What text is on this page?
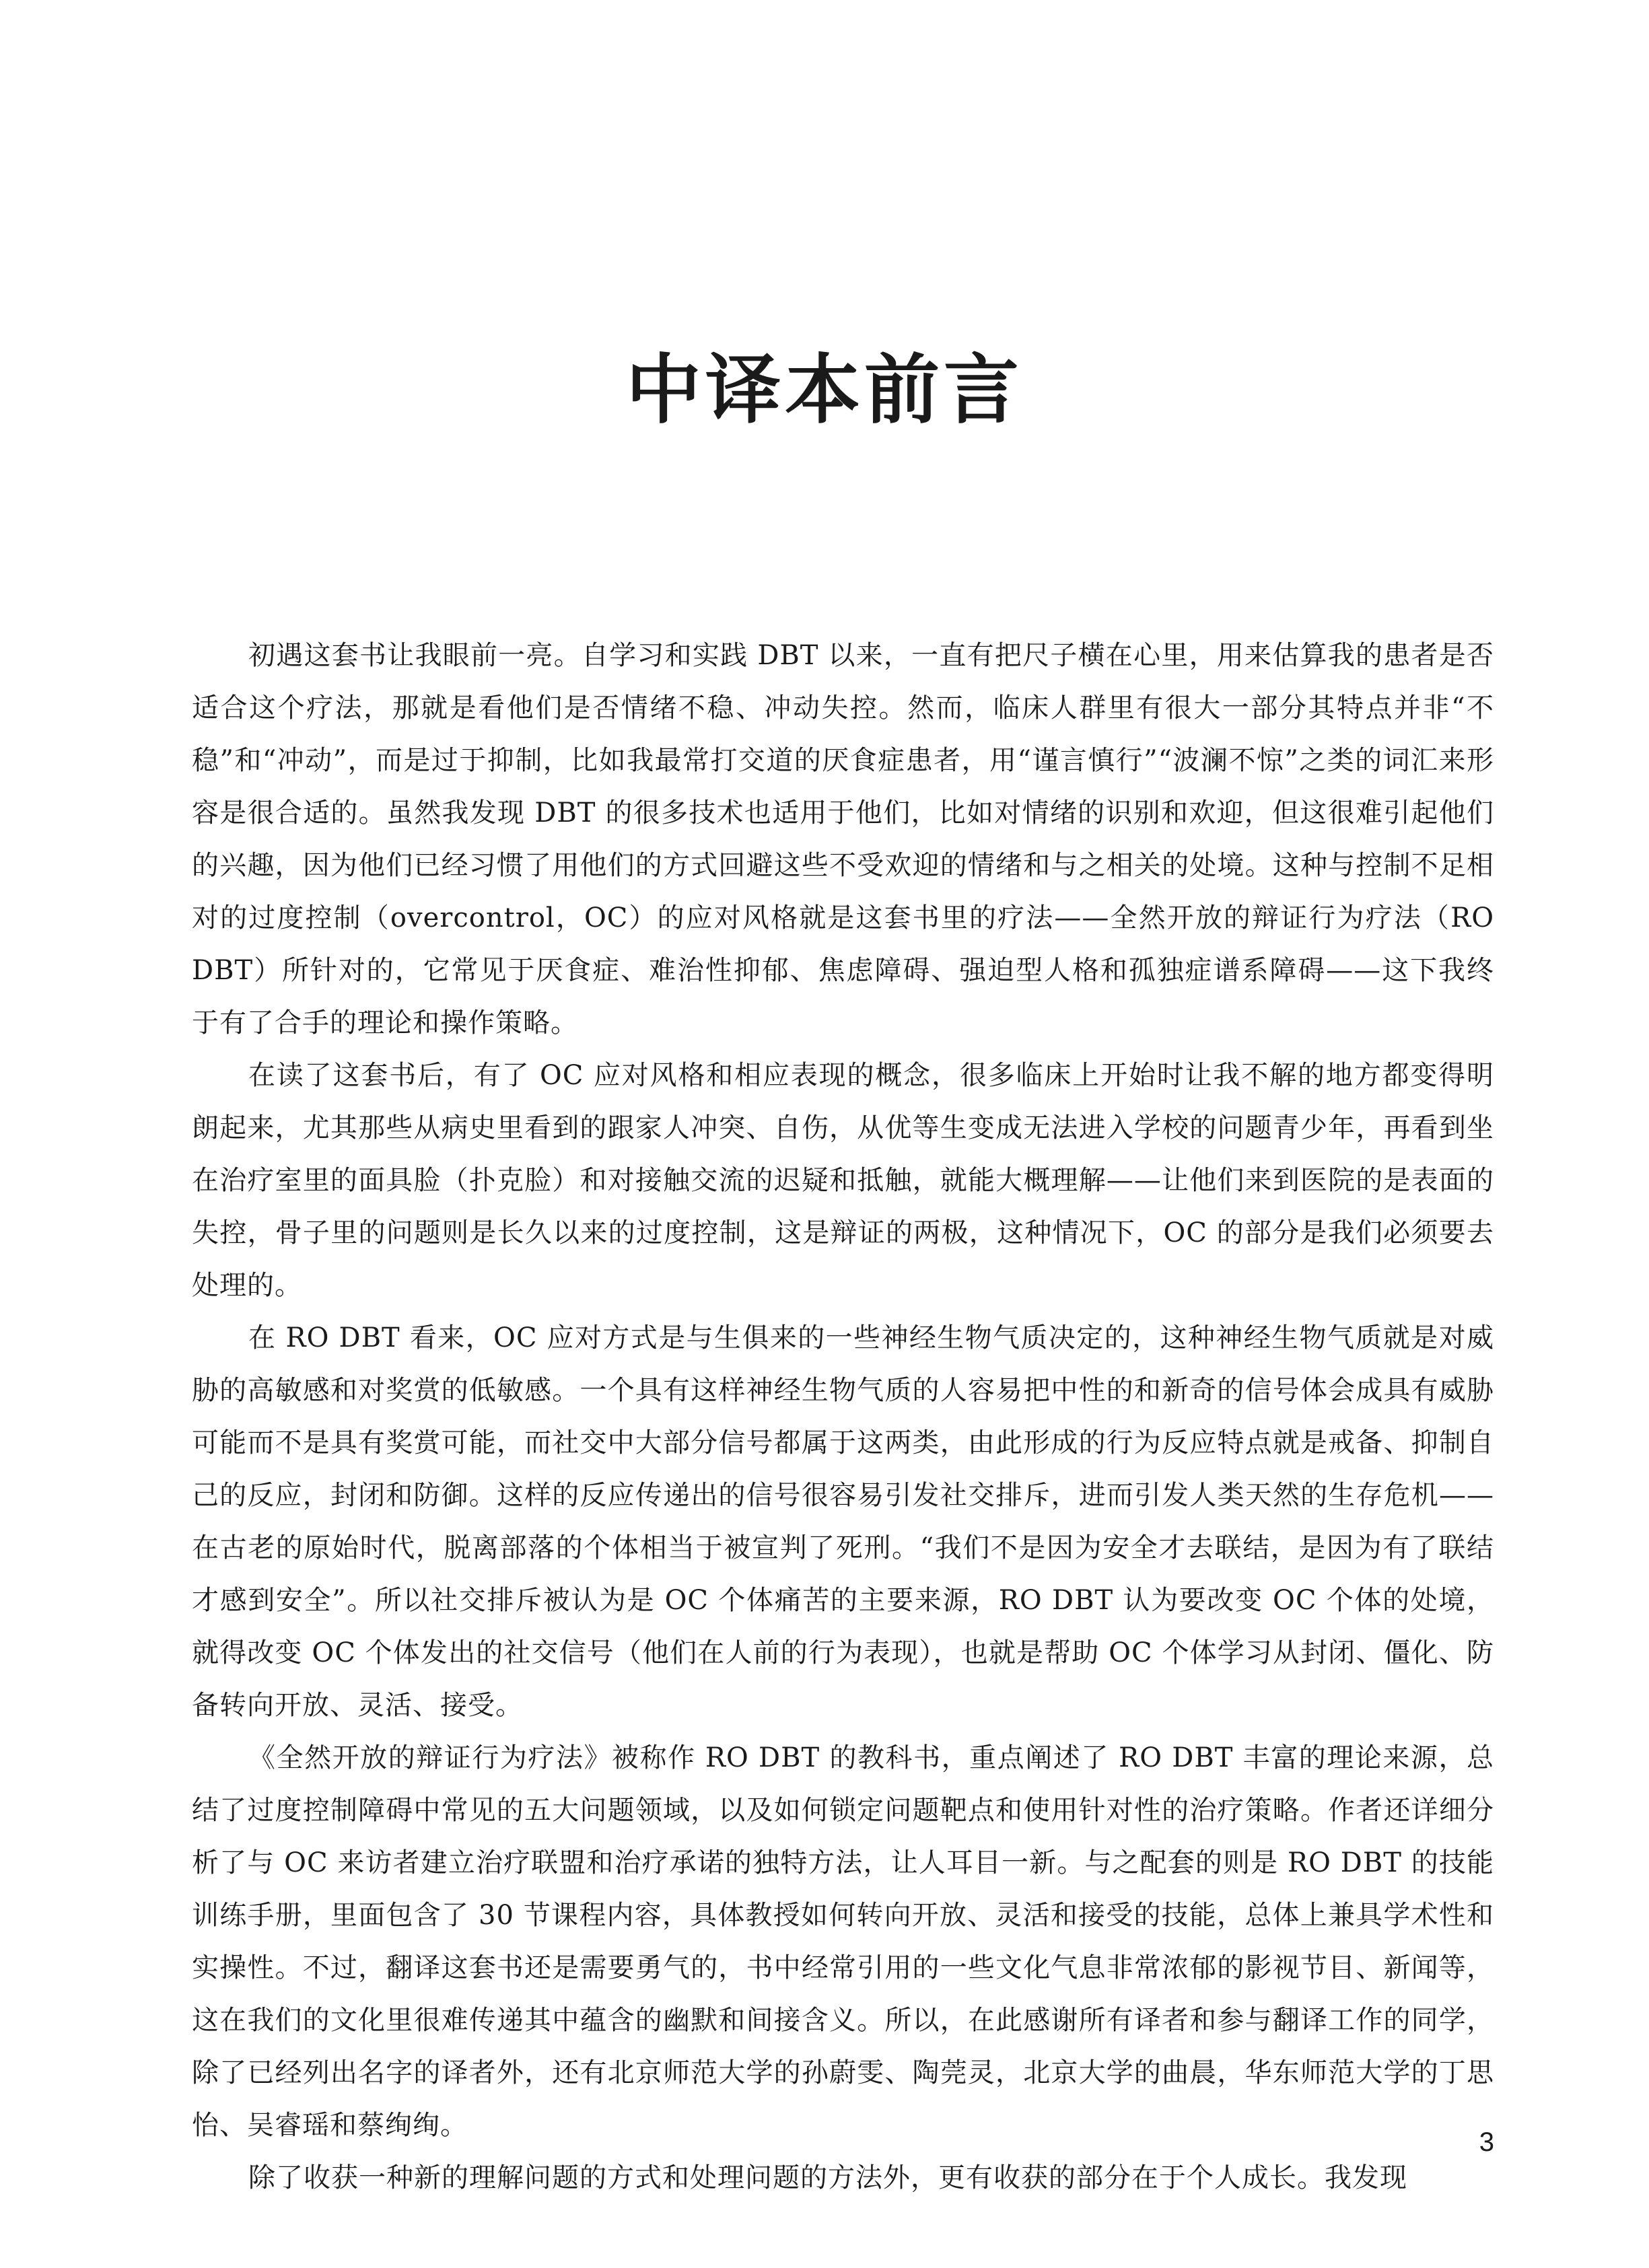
中译本前言

初遇这套书让我眼前一亮。自学习和实践 DBT 以来，一直有把尺子横在心里，用来估算我的患者是否适合这个疗法，那就是看他们是否情绪不稳、冲动失控。然而，临床人群里有很大一部分其特点并非“不稳”和“冲动”，而是过于抑制，比如我最常打交道的厌食症患者，用“谨言慎行”“波澜不惊”之类的词汇来形容是很合适的。虽然我发现 DBT 的很多技术也适用于他们，比如对情绪的识别和欢迎，但这很难引起他们的兴趣，因为他们已经习惯了用他们的方式回避这些不受欢迎的情绪和与之相关的处境。这种与控制不足相对的过度控制（overcontrol，OC）的应对风格就是这套书里的疗法——全然开放的辩证行为疗法（RO DBT）所针对的，它常见于厌食症、难治性抑郁、焦虑障碍、强迫型人格和孤独症谱系障碍——这下我终于有了合手的理论和操作策略。

在读了这套书后，有了 OC 应对风格和相应表现的概念，很多临床上开始时让我不解的地方都变得明朗起来，尤其那些从病史里看到的跟家人冲突、自伤，从优等生变成无法进入学校的问题青少年，再看到坐在治疗室里的面具脸（扑克脸）和对接触交流的迟疑和抵触，就能大概理解——让他们来到医院的是表面的失控，骨子里的问题则是长久以来的过度控制，这是辩证的两极，这种情况下，OC 的部分是我们必须要去处理的。

在 RO DBT 看来，OC 应对方式是与生俱来的一些神经生物气质决定的，这种神经生物气质就是对威胁的高敏感和对奖赏的低敏感。一个具有这样神经生物气质的人容易把中性的和新奇的信号体会成具有威胁可能而不是具有奖赏可能，而社交中大部分信号都属于这两类，由此形成的行为反应特点就是戒备、抑制自己的反应，封闭和防御。这样的反应传递出的信号很容易引发社交排斥，进而引发人类天然的生存危机——在古老的原始时代，脱离部落的个体相当于被宣判了死刑。“我们不是因为安全才去联结，是因为有了联结才感到安全”。所以社交排斥被认为是 OC 个体痛苦的主要来源，RO DBT 认为要改变 OC 个体的处境，就得改变 OC 个体发出的社交信号（他们在人前的行为表现），也就是帮助 OC 个体学习从封闭、僵化、防备转向开放、灵活、接受。

《全然开放的辩证行为疗法》被称作 RO DBT 的教科书，重点阐述了 RO DBT 丰富的理论来源，总结了过度控制障碍中常见的五大问题领域，以及如何锁定问题靶点和使用针对性的治疗策略。作者还详细分析了与 OC 来访者建立治疗联盟和治疗承诺的独特方法，让人耳目一新。与之配套的则是 RO DBT 的技能训练手册，里面包含了 30 节课程内容，具体教授如何转向开放、灵活和接受的技能，总体上兼具学术性和实操性。不过，翻译这套书还是需要勇气的，书中经常引用的一些文化气息非常浓郁的影视节目、新闻等，这在我们的文化里很难传递其中蕴含的幽默和间接含义。所以，在此感谢所有译者和参与翻译工作的同学，除了已经列出名字的译者外，还有北京师范大学的孙蔚雯、陶莞灵，北京大学的曲晨，华东师范大学的丁思怡、吴睿瑶和蔡绚绚。

除了收获一种新的理解问题的方式和处理问题的方法外，更有收获的部分在于个人成长。我发现

3
